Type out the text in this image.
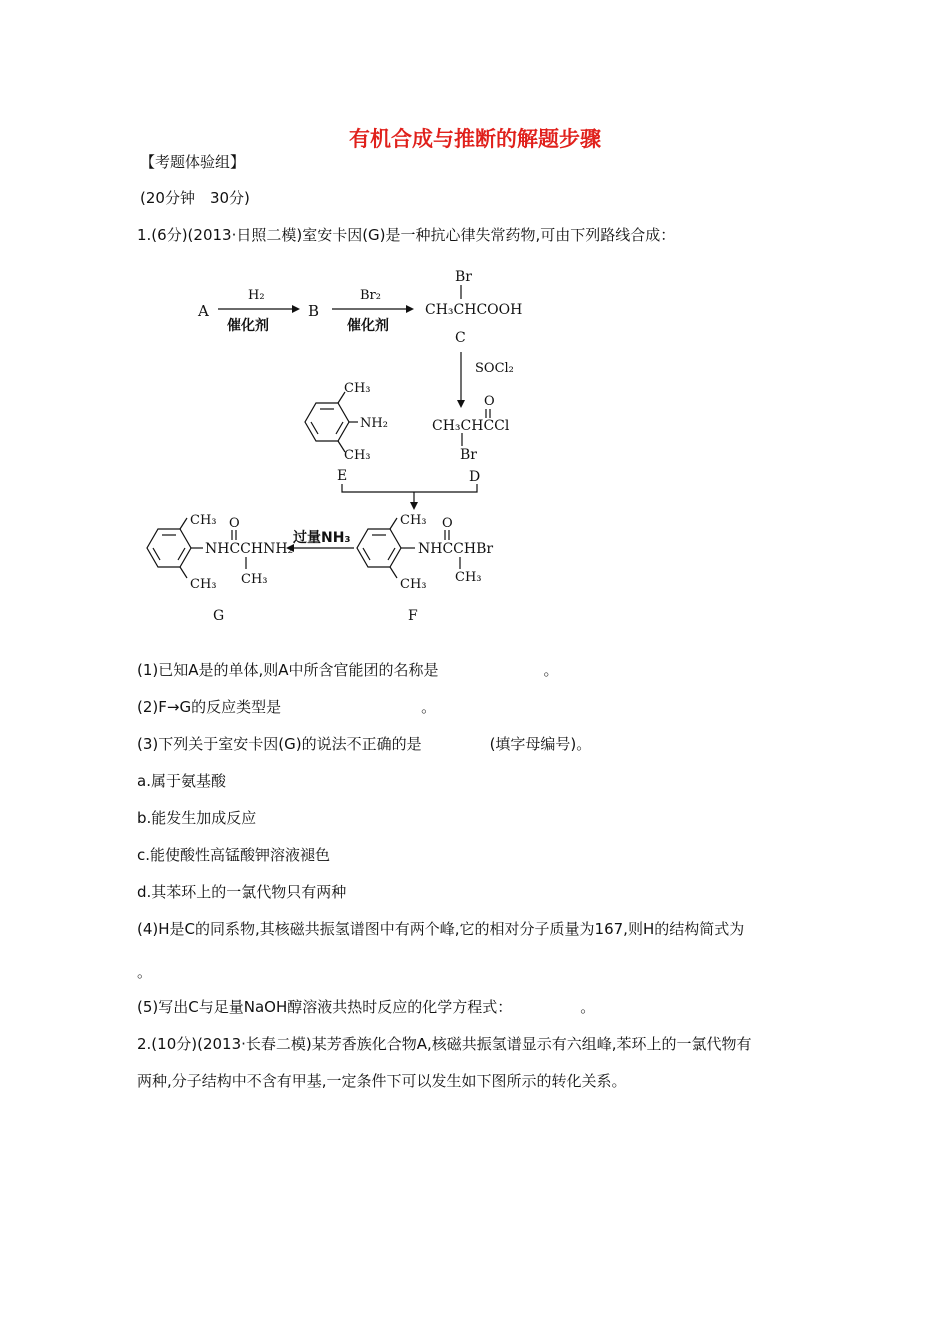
有机合成与推断的解题步骤
【考题体验组】
(20分钟　30分)
1.(6分)(2013·日照二模)室安卡因(G)是一种抗心律失常药物,可由下列路线合成：
A
H₂
催化剂
B
Br₂
催化剂
Br
CH₃CHCOOH
C
SOCl₂
O
CH₃CHCCl
Br
D
CH₃
NH₂
CH₃
E
CH₃
CH₃
O
NHCCHBr
CH₃
F
过量NH₃
CH₃
CH₃
O
NHCCHNH₂
CH₃
G
(1)已知A是的单体,则A中所含官能团的名称是	。
(2)F→G的反应类型是	。
(3)下列关于室安卡因(G)的说法不正确的是	(填字母编号)。
a.属于氨基酸
b.能发生加成反应
c.能使酸性高锰酸钾溶液褪色
d.其苯环上的一氯代物只有两种
(4)H是C的同系物,其核磁共振氢谱图中有两个峰,它的相对分子质量为167,则H的结构简式为
。
(5)写出C与足量NaOH醇溶液共热时反应的化学方程式：	。
2.(10分)(2013·长春二模)某芳香族化合物A,核磁共振氢谱显示有六组峰,苯环上的一氯代物有
两种,分子结构中不含有甲基,一定条件下可以发生如下图所示的转化关系。
